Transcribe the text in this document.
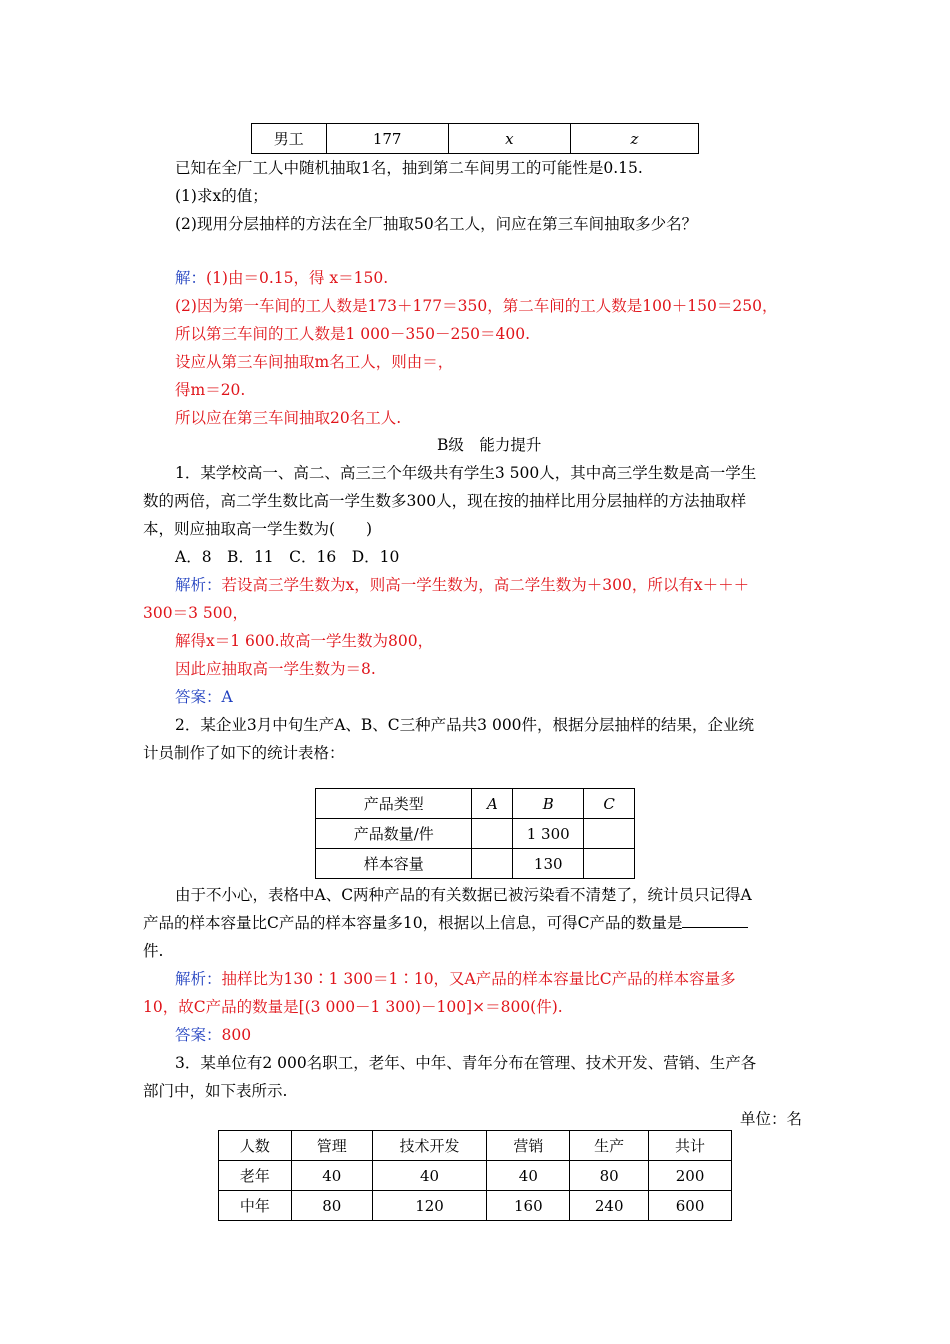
男工	177	x	z
已知在全厂工人中随机抽取1名，抽到第二车间男工的可能性是0.15.
(1)求x的值；
(2)现用分层抽样的方法在全厂抽取50名工人，问应在第三车间抽取多少名？
解：(1)由＝0.15，得 x＝150.
(2)因为第一车间的工人数是173＋177＝350，第二车间的工人数是100＋150＝250，
所以第三车间的工人数是1 000－350－250＝400.
设应从第三车间抽取m名工人，则由＝，
得m＝20.
所以应在第三车间抽取20名工人.
B级　能力提升
1．某学校高一、高二、高三三个年级共有学生3 500人，其中高三学生数是高一学生
数的两倍，高二学生数比高一学生数多300人，现在按的抽样比用分层抽样的方法抽取样
本，则应抽取高一学生数为(　　)
A．8　B．11　C．16　D．10
解析：若设高三学生数为x，则高一学生数为，高二学生数为＋300，所以有x＋＋＋
300＝3 500，
解得x＝1 600.故高一学生数为800，
因此应抽取高一学生数为＝8.
答案：A
2．某企业3月中旬生产A、B、C三种产品共3 000件，根据分层抽样的结果，企业统
计员制作了如下的统计表格：
产品类型	A	B	C
产品数量/件		1 300	
样本容量		130	
由于不小心，表格中A、C两种产品的有关数据已被污染看不清楚了，统计员只记得A
产品的样本容量比C产品的样本容量多10，根据以上信息，可得C产品的数量是
件.
解析：抽样比为130∶1 300＝1∶10，又A产品的样本容量比C产品的样本容量多
10，故C产品的数量是[(3 000－1 300)－100]×＝800(件).
答案：800
3．某单位有2 000名职工，老年、中年、青年分布在管理、技术开发、营销、生产各
部门中，如下表所示.
单位：名
人数	管理	技术开发	营销	生产	共计
老年	40	40	40	80	200
中年	80	120	160	240	600
